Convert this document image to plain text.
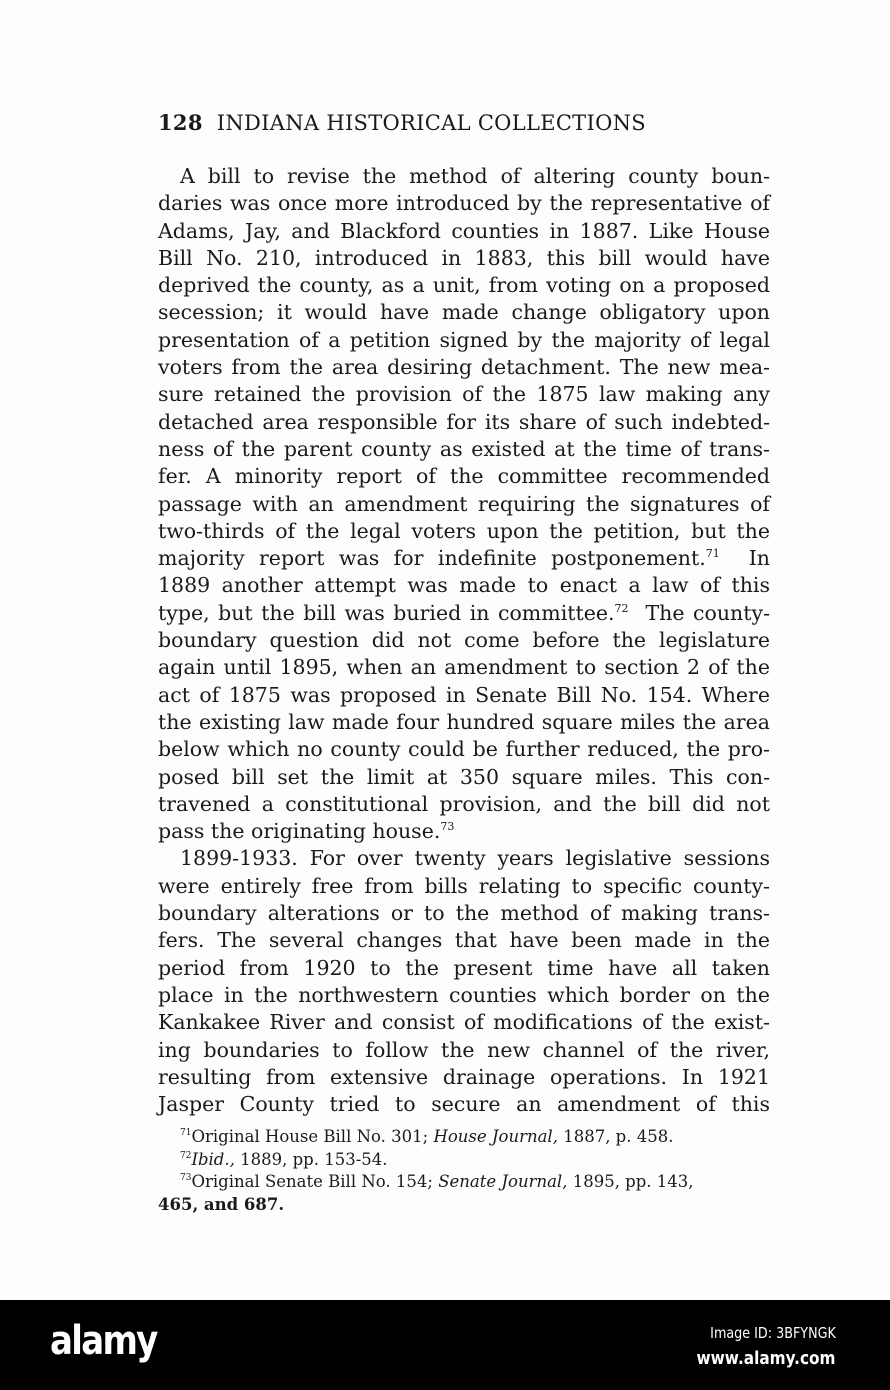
128 INDIANA HISTORICAL COLLECTIONS
A bill to revise the method of altering county boun-
daries was once more introduced by the representative of
Adams, Jay, and Blackford counties in 1887. Like House
Bill No. 210, introduced in 1883, this bill would have
deprived the county, as a unit, from voting on a proposed
secession; it would have made change obligatory upon
presentation of a petition signed by the majority of legal
voters from the area desiring detachment. The new mea-
sure retained the provision of the 1875 law making any
detached area responsible for its share of such indebted-
ness of the parent county as existed at the time of trans-
fer. A minority report of the committee recommended
passage with an amendment requiring the signatures of
two-thirds of the legal voters upon the petition, but the
majority report was for indefinite postponement.$^{71}$  In
1889 another attempt was made to enact a law of this
type, but the bill was buried in committee.$^{72}$  The county-
boundary question did not come before the legislature
again until 1895, when an amendment to section 2 of the
act of 1875 was proposed in Senate Bill No. 154. Where
the existing law made four hundred square miles the area
below which no county could be further reduced, the pro-
posed bill set the limit at 350 square miles. This con-
travened a constitutional provision, and the bill did not
pass the originating house.$^{73}$
1899-1933. For over twenty years legislative sessions
were entirely free from bills relating to specific county-
boundary alterations or to the method of making trans-
fers. The several changes that have been made in the
period from 1920 to the present time have all taken
place in the northwestern counties which border on the
Kankakee River and consist of modifications of the exist-
ing boundaries to follow the new channel of the river,
resulting from extensive drainage operations. In 1921
Jasper County tried to secure an amendment of this
$^{71}$Original House Bill No. 301; House Journal, 1887, p. 458.
$^{72}$Ibid., 1889, pp. 153-54.
$^{73}$Original Senate Bill No. 154; Senate Journal, 1895, pp. 143,
465, and 687.
alamy	Image ID: 3BFYNGK
www.alamy.com
